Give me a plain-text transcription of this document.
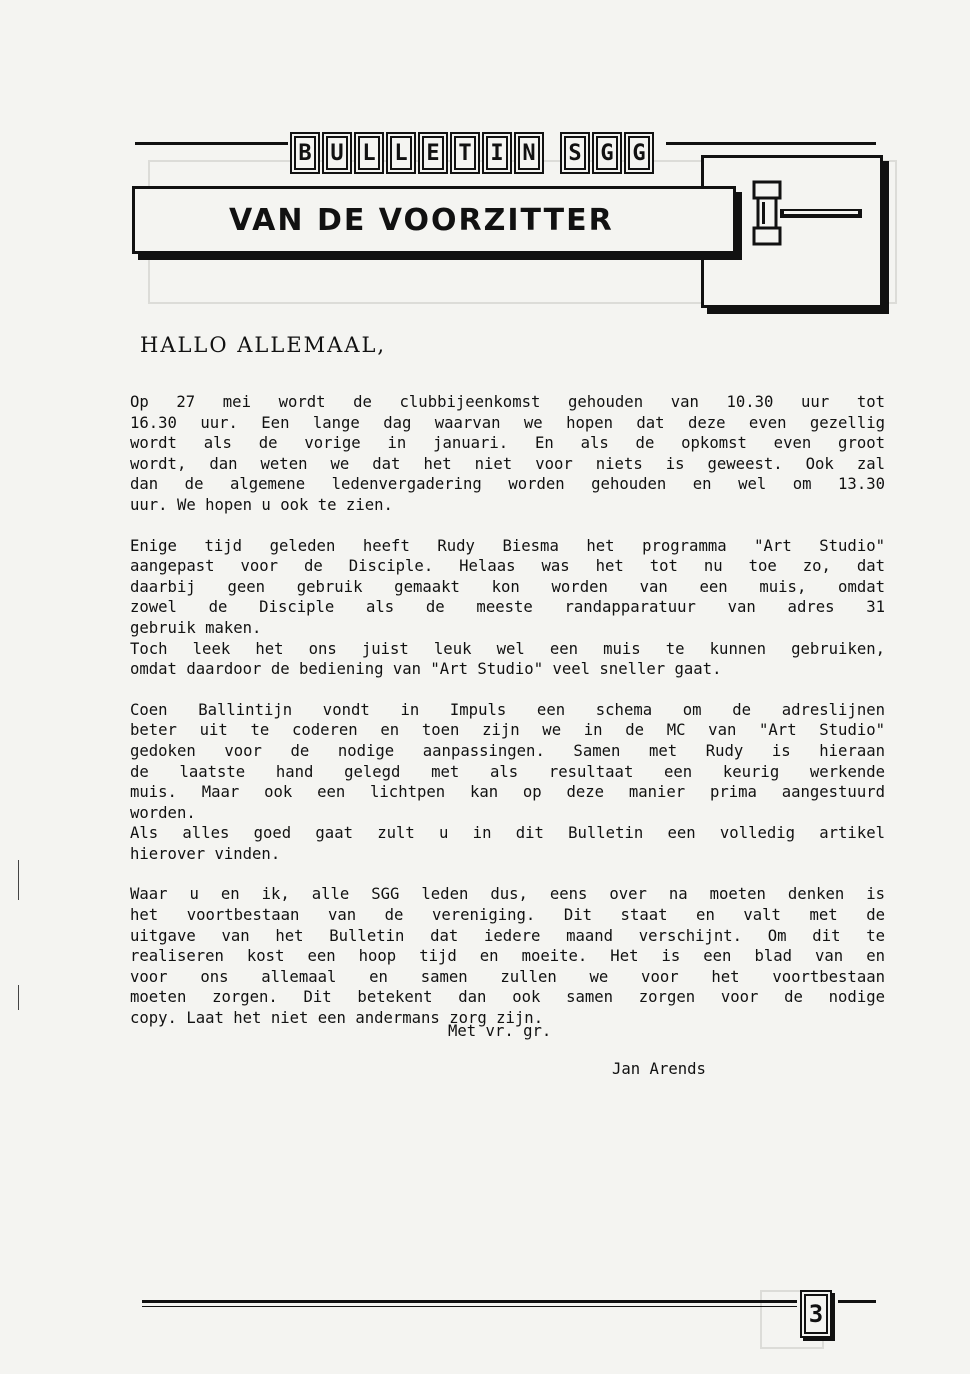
B U L L E T I N	S G G
VAN DE VOORZITTER
HALLO ALLEMAAL,
Op 27 mei wordt de clubbijeenkomst gehouden van 10.30 uur tot
16.30 uur. Een lange dag waarvan we hopen dat deze even gezellig
wordt als de vorige in januari. En als de opkomst even groot
wordt, dan weten we dat het niet voor niets is geweest. Ook zal
dan de algemene ledenvergadering worden gehouden en wel om 13.30
uur. We hopen u ook te zien.
Enige tijd geleden heeft Rudy Biesma het programma "Art Studio"
aangepast voor de Disciple. Helaas was het tot nu toe zo, dat
daarbij geen gebruik gemaakt kon worden van een muis, omdat
zowel de Disciple als de meeste randapparatuur van adres 31
gebruik maken.
Toch leek het ons juist leuk wel een muis te kunnen gebruiken,
omdat daardoor de bediening van "Art Studio" veel sneller gaat.
Coen Ballintijn vondt in Impuls een schema om de adreslijnen
beter uit te coderen en toen zijn we in de MC van "Art Studio"
gedoken voor de nodige aanpassingen. Samen met Rudy is hieraan
de laatste hand gelegd met als resultaat een keurig werkende
muis. Maar ook een lichtpen kan op deze manier prima aangestuurd
worden.
Als alles goed gaat zult u in dit Bulletin een volledig artikel
hierover vinden.
Waar u en ik, alle SGG leden dus, eens over na moeten denken is
het voortbestaan van de vereniging. Dit staat en valt met de
uitgave van het Bulletin dat iedere maand verschijnt. Om dit te
realiseren kost een hoop tijd en moeite. Het is een blad van en
voor ons allemaal en samen zullen we voor het voortbestaan
moeten zorgen. Dit betekent dan ook samen zorgen voor de nodige
copy. Laat het niet een andermans zorg zijn.
Met vr. gr.
Jan Arends
3
